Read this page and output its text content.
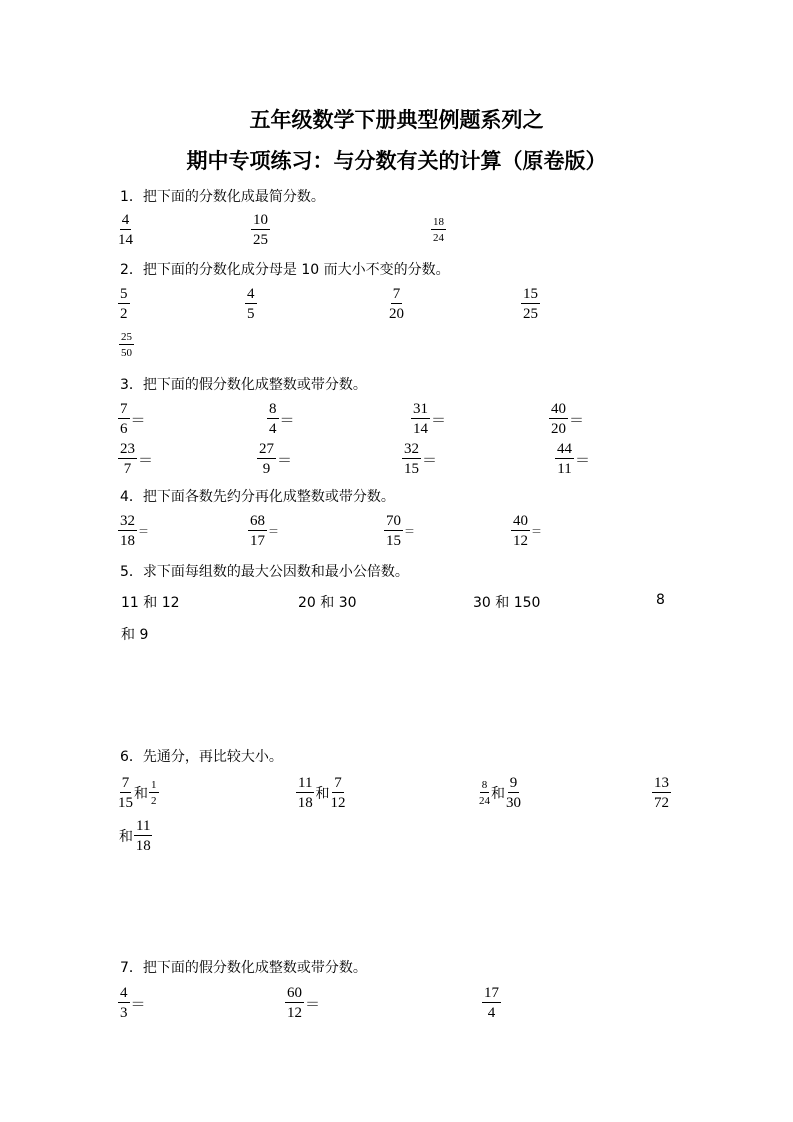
五年级数学下册典型例题系列之
期中专项练习：与分数有关的计算（原卷版）
1．把下面的分数化成最简分数。
$\frac{4}{14}$	$\frac{10}{25}$	$\frac{18}{24}$
2．把下面的分数化成分母是 10 而大小不变的分数。
$\frac{5}{2}$	$\frac{4}{5}$	$\frac{7}{20}$	$\frac{15}{25}$
$\frac{25}{50}$
3．把下面的假分数化成整数或带分数。
$\frac{7}{6}$ ＝	$\frac{8}{4}$ ＝	$\frac{31}{14}$ ＝	$\frac{40}{20}$ ＝
$\frac{23}{7}$ ＝	$\frac{27}{9}$ ＝	$\frac{32}{15}$ ＝	$\frac{44}{11}$ ＝
4．把下面各数先约分再化成整数或带分数。
$\frac{32}{18}$ ＝	$\frac{68}{17}$ ＝	$\frac{70}{15}$ ＝	$\frac{40}{12}$ ＝
5．求下面每组数的最大公因数和最小公倍数。
11 和 12	20 和 30	30 和 150	8
和 9
6．先通分，再比较大小。
$\frac{7}{15}$ 和 $\frac{1}{2}$	$\frac{11}{18}$ 和 $\frac{7}{12}$	$\frac{8}{24}$ 和 $\frac{9}{30}$	$\frac{13}{72}$
和 $\frac{11}{18}$
7．把下面的假分数化成整数或带分数。
$\frac{4}{3}$ ＝	$\frac{60}{12}$ ＝	$\frac{17}{4}$
